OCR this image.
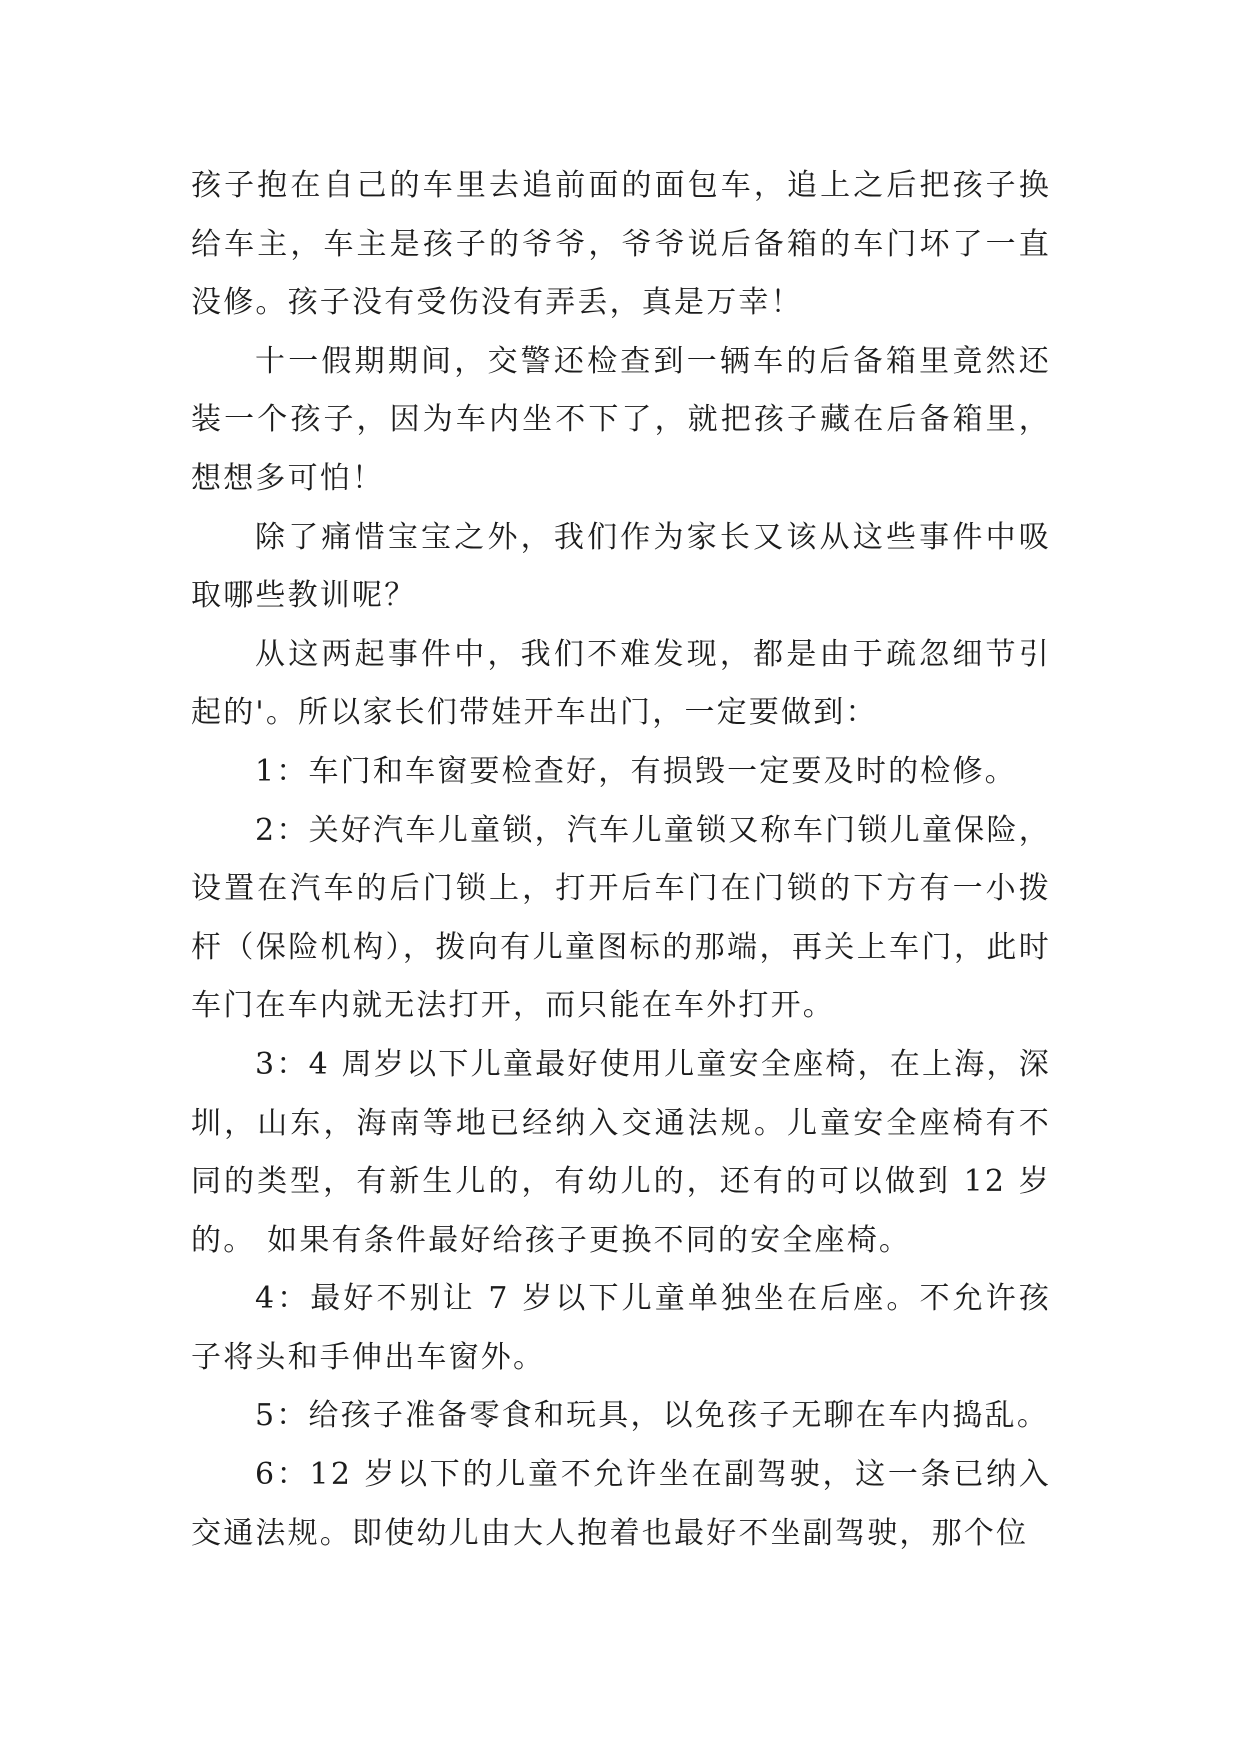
孩子抱在自己的车里去追前面的面包车，追上之后把孩子换给车主，车主是孩子的爷爷，爷爷说后备箱的车门坏了一直没修。孩子没有受伤没有弄丢，真是万幸！

十一假期期间，交警还检查到一辆车的后备箱里竟然还装一个孩子，因为车内坐不下了，就把孩子藏在后备箱里，想想多可怕！

除了痛惜宝宝之外，我们作为家长又该从这些事件中吸取哪些教训呢？

从这两起事件中，我们不难发现，都是由于疏忽细节引起的'。所以家长们带娃开车出门，一定要做到：

1：车门和车窗要检查好，有损毁一定要及时的检修。

2：关好汽车儿童锁，汽车儿童锁又称车门锁儿童保险，设置在汽车的后门锁上，打开后车门在门锁的下方有一小拨杆（保险机构），拨向有儿童图标的那端，再关上车门，此时车门在车内就无法打开，而只能在车外打开。

3：4 周岁以下儿童最好使用儿童安全座椅，在上海，深圳，山东，海南等地已经纳入交通法规。儿童安全座椅有不同的类型，有新生儿的，有幼儿的，还有的可以做到 12 岁的。 如果有条件最好给孩子更换不同的安全座椅。

4：最好不别让 7 岁以下儿童单独坐在后座。不允许孩子将头和手伸出车窗外。

5：给孩子准备零食和玩具，以免孩子无聊在车内捣乱。

6：12 岁以下的儿童不允许坐在副驾驶，这一条已纳入交通法规。即使幼儿由大人抱着也最好不坐副驾驶，那个位
